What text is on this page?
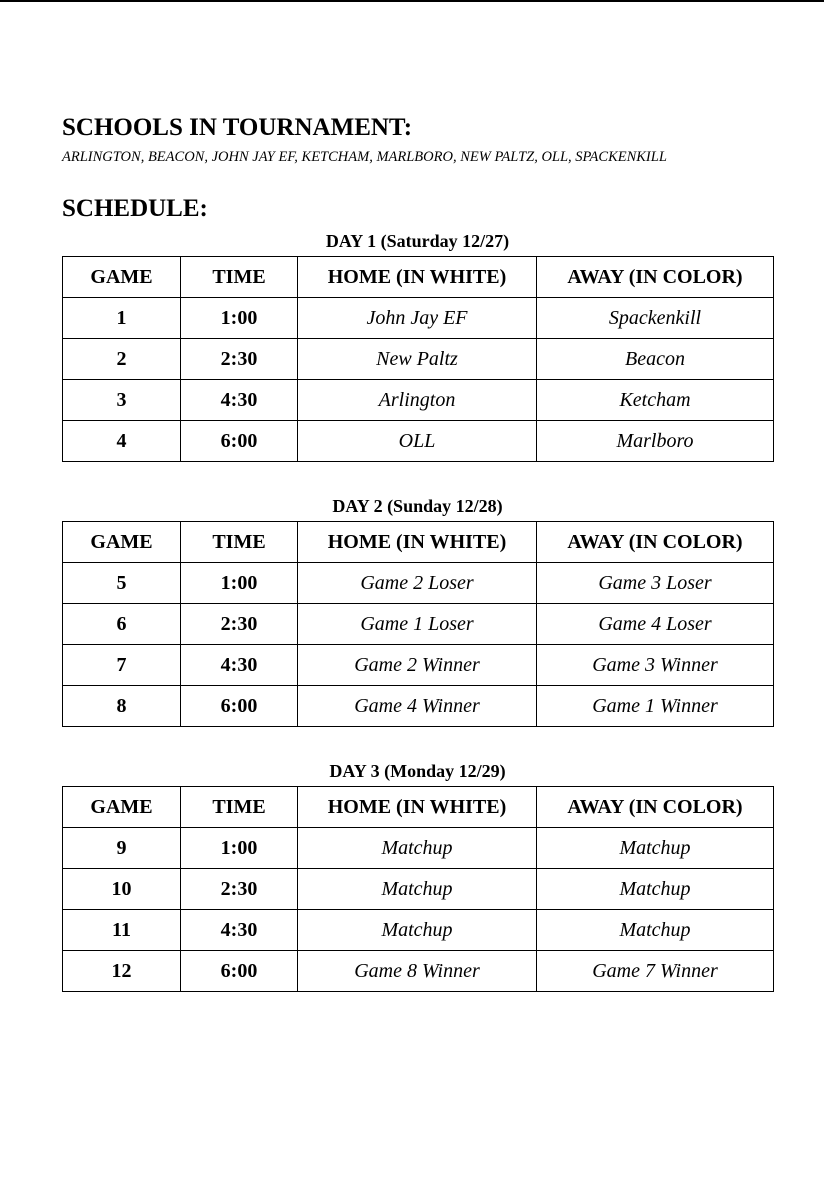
SCHOOLS IN TOURNAMENT:
ARLINGTON, BEACON, JOHN JAY EF, KETCHAM, MARLBORO, NEW PALTZ, OLL, SPACKENKILL
SCHEDULE:
DAY 1 (Saturday 12/27)
GAME	TIME	HOME (IN WHITE)	AWAY (IN COLOR)
1	1:00	John Jay EF	Spackenkill
2	2:30	New Paltz	Beacon
3	4:30	Arlington	Ketcham
4	6:00	OLL	Marlboro
DAY 2 (Sunday 12/28)
GAME	TIME	HOME (IN WHITE)	AWAY (IN COLOR)
5	1:00	Game 2 Loser	Game 3 Loser
6	2:30	Game 1 Loser	Game 4 Loser
7	4:30	Game 2 Winner	Game 3 Winner
8	6:00	Game 4 Winner	Game 1 Winner
DAY 3 (Monday 12/29)
GAME	TIME	HOME (IN WHITE)	AWAY (IN COLOR)
9	1:00	Matchup	Matchup
10	2:30	Matchup	Matchup
11	4:30	Matchup	Matchup
12	6:00	Game 8 Winner	Game 7 Winner
